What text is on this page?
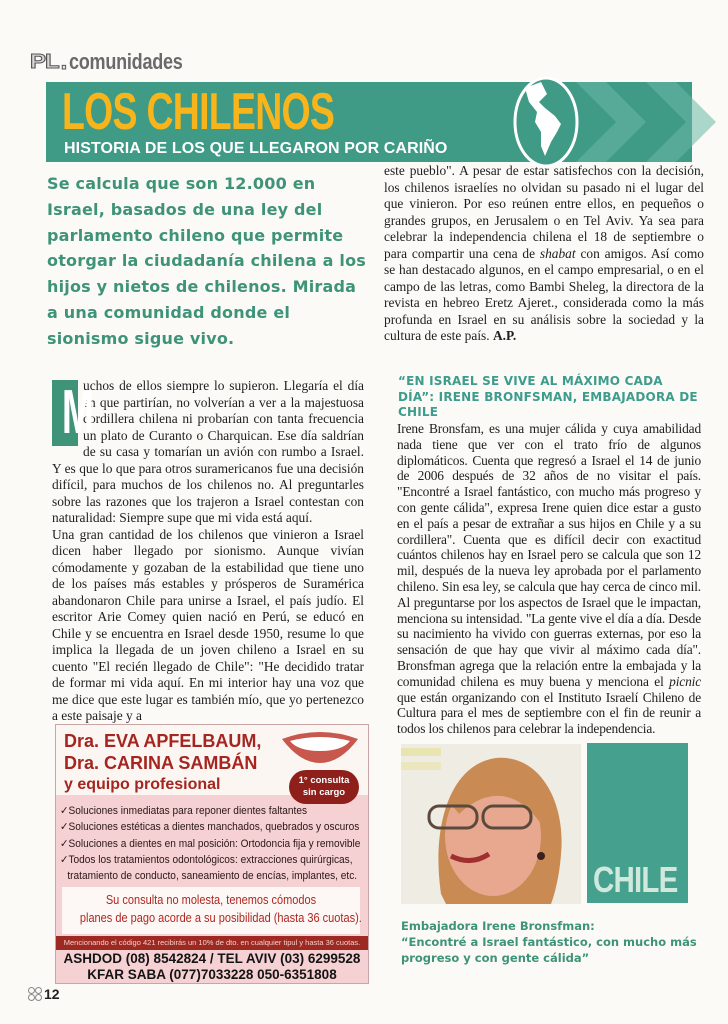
PL . comunidades
LOS CHILENOS
HISTORIA DE LOS QUE LLEGARON POR CARIÑO
Se calcula que son 12.000 en Israel, basados de una ley del parlamento chileno que permite otorgar la ciudadanía chilena a los hijos y nietos de chilenos. Mirada a una comunidad donde el sionismo sigue vivo.

este pueblo". A pesar de estar satisfechos con la decisión, los chilenos israelíes no olvidan su pasado ni el lugar del que vinieron. Por eso reúnen entre ellos, en pequeños o grandes grupos, en Jerusalem o en Tel Aviv. Ya sea para celebrar la independencia chilena el 18 de septiembre o para compartir una cena de shabat con amigos. Así como se han destacado algunos, en el campo empresarial, o en el campo de las letras, como Bambi Sheleg, la directora de la revista en hebreo Eretz Ajeret., considerada como la más profunda en Israel en su análisis sobre la sociedad y la cultura de este país. A.P.

M

uchos de ellos siempre lo supieron. Llegaría el día en que partirían, no volverían a ver a la majestuosa cordillera chilena ni probarían con tanta frecuencia un plato de Curanto o Charquican. Ese día saldrían de su casa y tomarían un avión con rumbo a Israel. Y es que lo que para otros suramericanos fue una decisión difícil, para muchos de los chilenos no. Al preguntarles sobre las razones que los trajeron a Israel contestan con naturalidad: Siempre supe que mi vida está aquí.

Una gran cantidad de los chilenos que vinieron a Israel dicen haber llegado por sionismo. Aunque vivían cómodamente y gozaban de la estabilidad que tiene uno de los países más estables y prósperos de Suramérica abandonaron Chile para unirse a Israel, el país judío. El escritor Arie Comey quien nació en Perú, se educó en Chile y se encuentra en Israel desde 1950, resume lo que implica la llegada de un joven chileno a Israel en su cuento "El recién llegado de Chile": "He decidido tratar de formar mi vida aquí. En mi interior hay una voz que me dice que este lugar es también mío, que yo pertenezco a este paisaje y a

“EN ISRAEL SE VIVE AL MÁXIMO CADA DÍA”: IRENE BRONFSMAN, EMBAJADORA DE CHILE

Irene Bronsfam, es una mujer cálida y cuya amabilidad nada tiene que ver con el trato frío de algunos diplomáticos. Cuenta que regresó a Israel el 14 de junio de 2006 después de 32 años de no visitar el país. "Encontré a Israel fantástico, con mucho más progreso y con gente cálida", expresa Irene quien dice estar a gusto en el país a pesar de extrañar a sus hijos en Chile y a su cordillera". Cuenta que es difícil decir con exactitud cuántos chilenos hay en Israel pero se calcula que son 12 mil, después de la nueva ley aprobada por el parlamento chileno. Sin esa ley, se calcula que hay cerca de cinco mil. Al preguntarse por los aspectos de Israel que le impactan, menciona su intensidad. "La gente vive el día a día. Desde su nacimiento ha vivido con guerras externas, por eso la sensación de que hay que vivir al máximo cada día". Bronsfman agrega que la relación entre la embajada y la comunidad chilena es muy buena y menciona el picnic que están organizando con el Instituto Israelí Chileno de Cultura para el mes de septiembre con el fin de reunir a todos los chilenos para celebrar la independencia.

CHILE
Embajadora Irene Bronsfman:
“Encontré a Israel fantástico, con mucho más progreso y con gente cálida”
Dra. EVA APFELBAUM,
Dra. CARINA SAMBÁN
y equipo profesional	1° consulta
sin cargo
✓Soluciones inmediatas para reponer dientes faltantes
✓Soluciones estéticas a dientes manchados, quebrados y oscuros
✓Soluciones a dientes en mal posición: Ortodoncia fija y removible
✓Todos los tratamientos odontológicos: extracciones quirúrgicas,
tratamiento de conducto, saneamiento de encías, implantes, etc.
Su consulta no molesta, tenemos cómodos
planes de pago acorde a su posibilidad (hasta 36 cuotas).
Mencionando el código 421 recibirás un 10% de dto. en cualquier tipul y hasta 36 cuotas.
ASHDOD (08) 8542824 / TEL AVIV (03) 6299528
KFAR SABA (077)7033228 050-6351808
12
